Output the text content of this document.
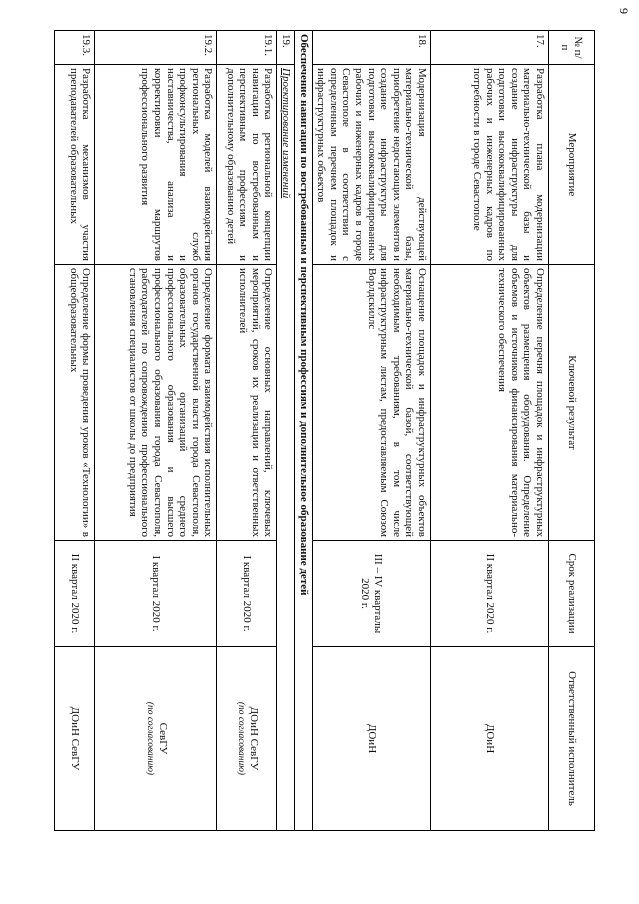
9
№ п/п	Мероприятие	Ключевой результат	Срок реализации	Ответственный исполнитель
17.	Разработка плана модернизации материально-технической базы и создание инфраструктуры для подготовки высококвалифицированных рабочих и инженерных кадров по потребности в городе Севастополе	Определение перечня площадок и инфраструктурных объектов размещения оборудования. Определение объемов и источников финансирования материально-технического обеспечения	II квартал 2020 г.	ДОиН

18.	Модернизация действующей материально-технической базы, приобретение недостающих элементов и создание инфраструктуры для подготовки высококвалифицированных рабочих и инженерных кадров в городе Севастополе в соответствии с определенным перечнем площадок и инфраструктурных объектов	Оснащение площадок и инфраструктурных объектов материально-технической базой, соответствующей необходимым требованиям, в том числе инфраструктурным листам, предоставляемым Союзом Ворлдскиллс	III – IV кварталы 2020 г.	ДОиН

Обеспечение навигации по востребованным и перспективным профессиям и дополнительное образование детей				
19.	Проектирование изменений			
19.1.	Разработка региональной концепции навигации по востребованным и перспективным профессиям и дополнительному образованию детей	Определение основных направлений, ключевых мероприятий, сроков их реализации и ответственных исполнителей	I квартал 2020 г.	ДОиН СевГУ
(по согласованию)

19.2.	Разработка моделей взаимодействия региональных служб профконсультирования и наставничества, анализа и корректировки маршрутов профессионального развития	Определение формата взаимодействия исполнительных органов государственной власти города Севастополя, образовательных организаций среднего профессионального образования и высшего профессионального образования города Севастополя, работодателей по сопровождению профессионального становления специалистов от школы до предприятия	I квартал 2020 г.	СевГУ
(по согласованию)

19.3.	Разработка механизмов участия преподавателей образовательных	Определение формы проведения уроков «Технологии» в общеобразовательных	II квартал 2020 г.	ДОиН СевГУ
